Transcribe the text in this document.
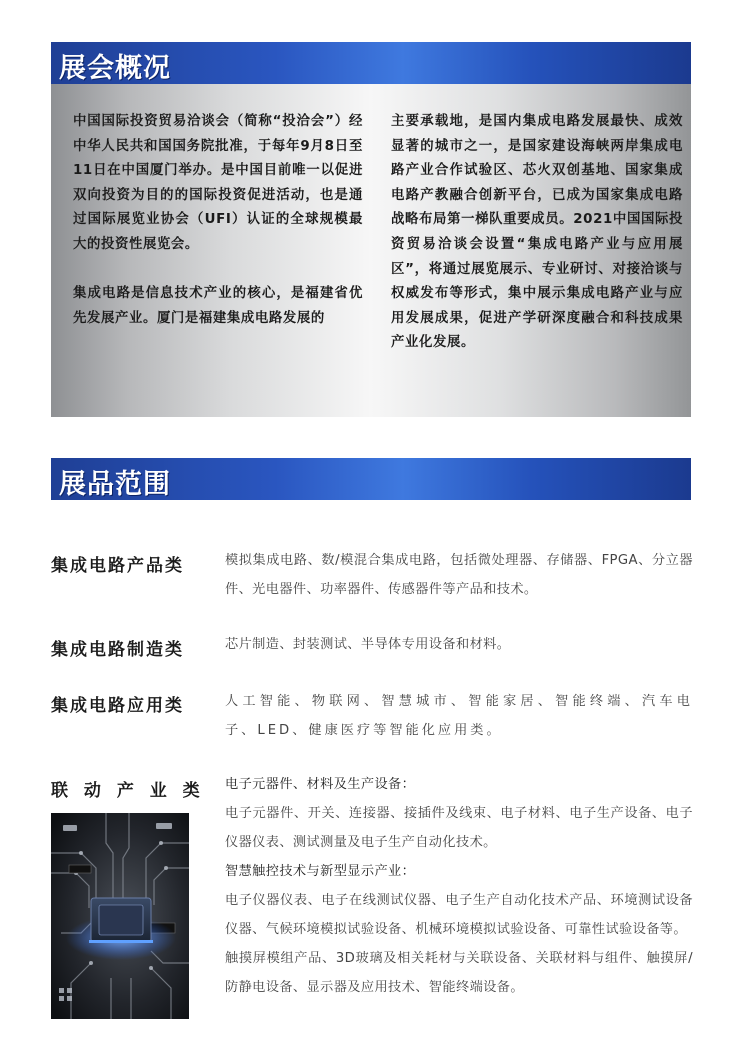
展会概况

中国国际投资贸易洽谈会（简称“投洽会”）经中华人民共和国国务院批准，于每年9月8日至11日在中国厦门举办。是中国目前唯一以促进双向投资为目的的国际投资促进活动，也是通过国际展览业协会（UFI）认证的全球规模最大的投资性展览会。

集成电路是信息技术产业的核心，是福建省优先发展产业。厦门是福建集成电路发展的

主要承载地，是国内集成电路发展最快、成效显著的城市之一，是国家建设海峡两岸集成电路产业合作试验区、芯火双创基地、国家集成电路产教融合创新平台，已成为国家集成电路战略布局第一梯队重要成员。2021中国国际投资贸易洽谈会设置“集成电路产业与应用展区”，将通过展览展示、专业研讨、对接洽谈与权威发布等形式，集中展示集成电路产业与应用发展成果，促进产学研深度融合和科技成果产业化发展。

展品范围
集成电路产品类	模拟集成电路、数/模混合集成电路，包括微处理器、存储器、FPGA、分立器件、光电器件、功率器件、传感器件等产品和技术。

集成电路制造类	芯片制造、封装测试、半导体专用设备和材料。

集成电路应用类	人工智能、物联网、智慧城市、智能家居、智能终端、汽车电子、LED、健康医疗等智能化应用类。

联 动 产 业 类 电子元器件、材料及生产设备：

电子元器件、开关、连接器、接插件及线束、电子材料、电子生产设备、电子仪器仪表、测试测量及电子生产自动化技术。

智慧触控技术与新型显示产业：

电子仪器仪表、电子在线测试仪器、电子生产自动化技术产品、环境测试设备仪器、气候环境模拟试验设备、机械环境模拟试验设备、可靠性试验设备等。

触摸屏模组产品、3D玻璃及相关耗材与关联设备、关联材料与组件、触摸屏/防静电设备、显示器及应用技术、智能终端设备。
